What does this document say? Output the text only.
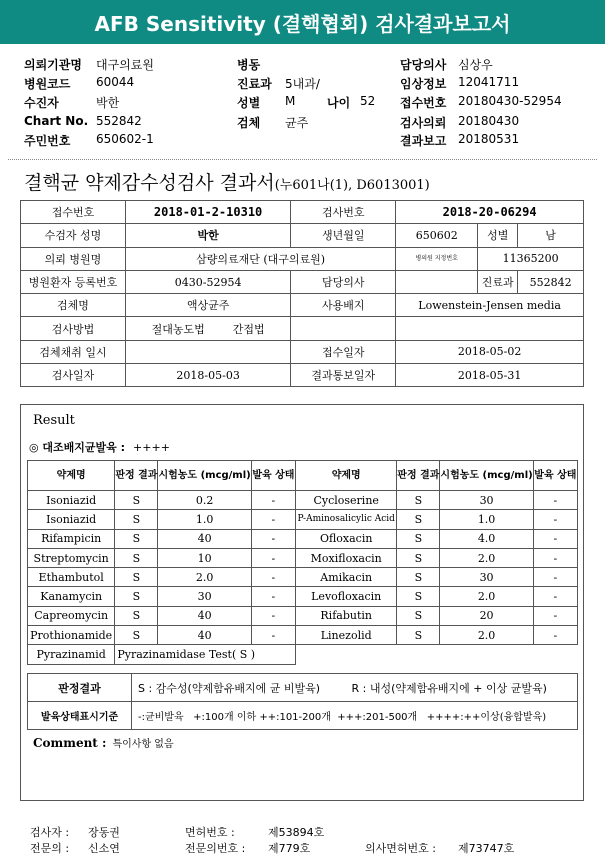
AFB Sensitivity (결핵협회) 검사결과보고서
의뢰기관명 대구의료원
병원코드 60044
수진자	박한
Chart No. 552842
주민번호 650602-1
병동
진료과 5내과/
성별 M	나이 52
검체 균주
담당의사 심상우
임상정보 12041711
접수번호 20180430-52954
검사의뢰 20180430
결과보고 20180531
결핵균 약제감수성검사 결과서(누601나(1), D6013001)
접수번호	2018-01-2-10310	검사번호	2018-20-06294		
수검자 성명	박한	생년월일	650602	성별	남
의뢰 병원명	삼량의료재단 (대구의료원)		병의원 지정번호	11365200	
병원환자 등록번호	0430-52954	담당의사		진료과	552842
검체명	액상균주	사용배지	Lowenstein-Jensen media		
검사방법	절대농도법 간접법				
검체채취 일시		접수일자	2018-05-02		
검사일자	2018-05-03	결과통보일자	2018-05-31		
Result
◎ 대조배지균발육 : ++++
약제명	판정 결과	시험농도 (mcg/ml)	발육 상태	약제명	판정 결과	시험농도 (mcg/ml)	발육 상태
Isoniazid	S	0.2	-	Cycloserine	S	30	-
Isoniazid	S	1.0	-	P-Aminosalicylic Acid	S	1.0	-
Rifampicin	S	40	-	Ofloxacin	S	4.0	-
Streptomycin	S	10	-	Moxifloxacin	S	2.0	-
Ethambutol	S	2.0	-	Amikacin	S	30	-
Kanamycin	S	30	-	Levofloxacin	S	2.0	-
Capreomycin	S	40	-	Rifabutin	S	20	-
Prothionamide	S	40	-	Linezolid	S	2.0	-
Pyrazinamid	Pyrazinamidase Test( S )						
판정결과	S : 감수성(약제함유배지에 균 비발육) R : 내성(약제함유배지에 + 이상 균발육)
발육상태표시기준	-:균비발육   +:100개 이하 ++:101-200개  +++:201-500개   ++++:++이상(융합발육)
Comment : 특이사항 없음
검사자 : 장동권	면허번호 :	제53894호
전문의 : 신소연	전문의번호 : 제779호	의사면허번호 : 제73747호
